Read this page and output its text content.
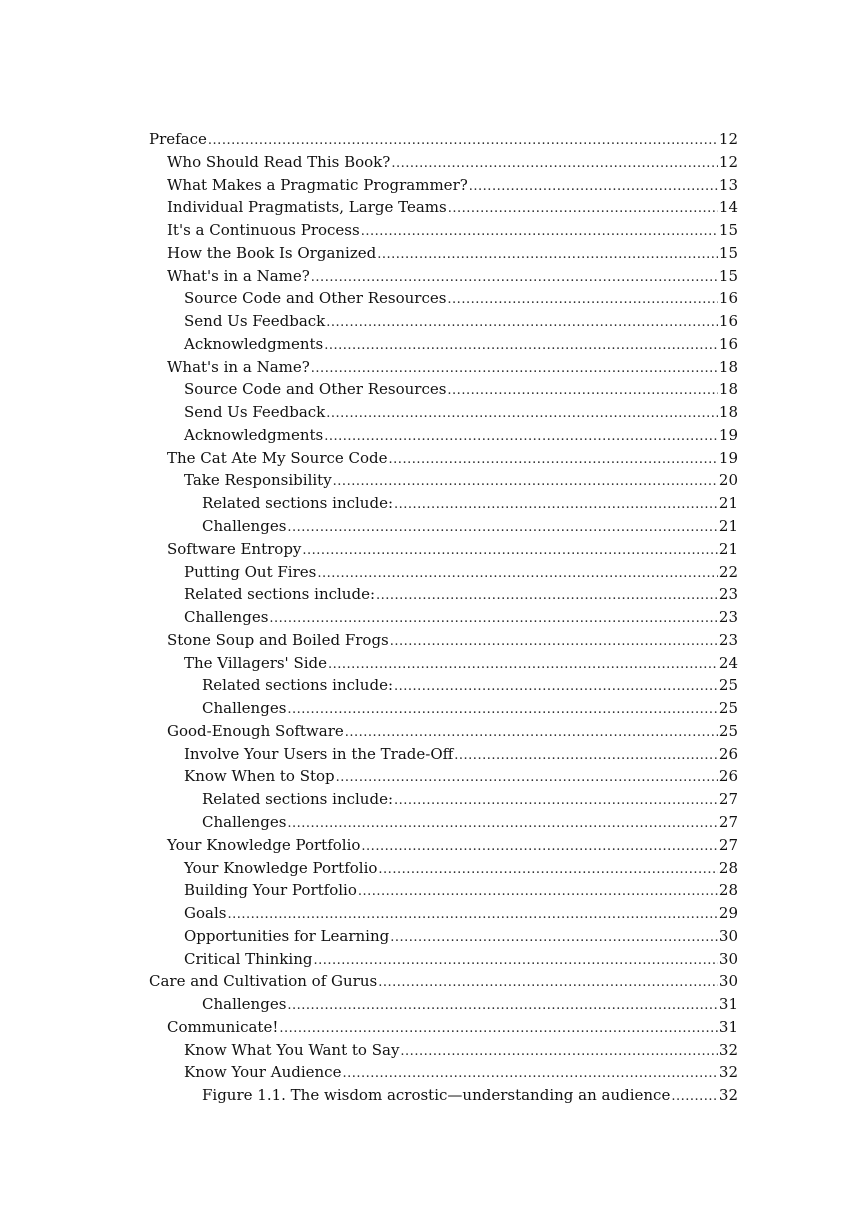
Preface .....	12
Who Should Read This Book? .....	12
What Makes a Pragmatic Programmer? .....	13
Individual Pragmatists, Large Teams .....	14
It's a Continuous Process .....	15
How the Book Is Organized .....	15
What's in a Name? .....	15
Source Code and Other Resources .....	16
Send Us Feedback .....	16
Acknowledgments .....	16
What's in a Name? .....	18
Source Code and Other Resources .....	18
Send Us Feedback .....	18
Acknowledgments .....	19
The Cat Ate My Source Code .....	19
Take Responsibility .....	20
Related sections include: .....	21
Challenges .....	21
Software Entropy .....	21
Putting Out Fires .....	22
Related sections include: .....	23
Challenges .....	23
Stone Soup and Boiled Frogs .....	23
The Villagers' Side .....	24
Related sections include: .....	25
Challenges .....	25
Good-Enough Software .....	25
Involve Your Users in the Trade-Off .....	26
Know When to Stop .....	26
Related sections include: .....	27
Challenges .....	27
Your Knowledge Portfolio .....	27
Your Knowledge Portfolio .....	28
Building Your Portfolio .....	28
Goals .....	29
Opportunities for Learning .....	30
Critical Thinking .....	30
Care and Cultivation of Gurus .....	30
Challenges .....	31
Communicate! .....	31
Know What You Want to Say .....	32
Know Your Audience .....	32
Figure 1.1. The wisdom acrostic—understanding an audience .....	32
